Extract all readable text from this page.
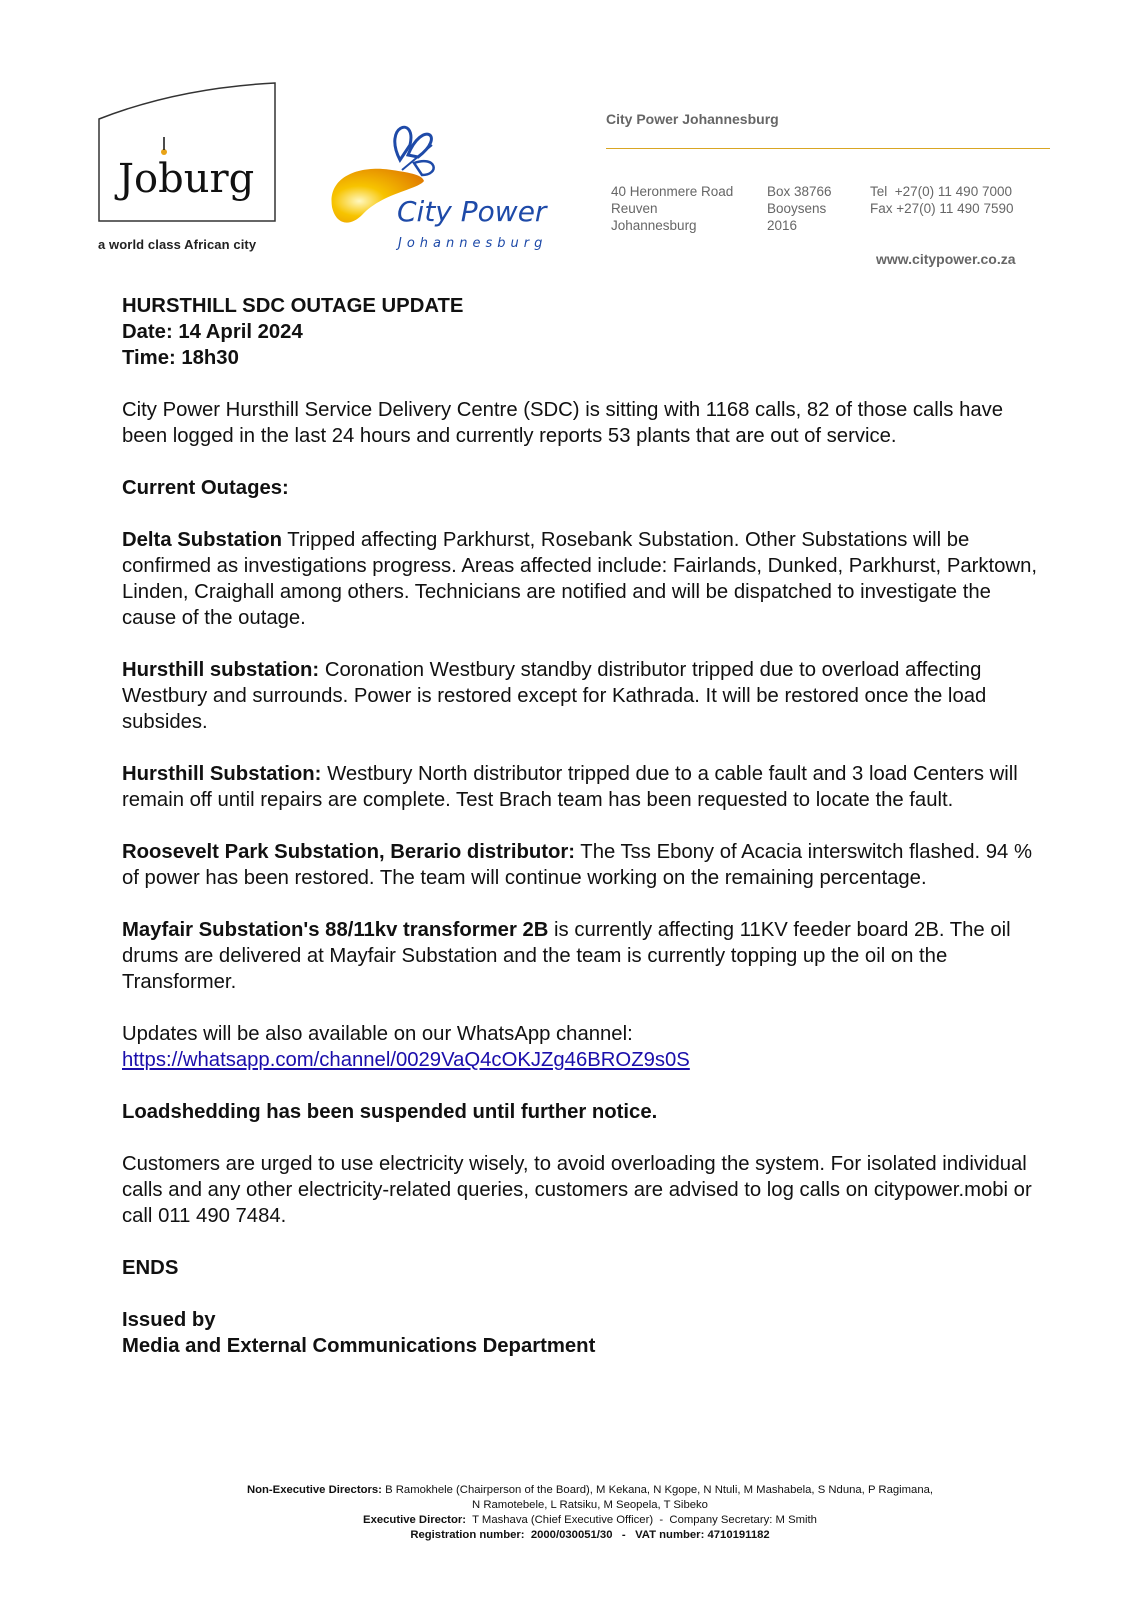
Joburg
a world class African city
City Power
Johannesburg
City Power Johannesburg
40 Heronmere Road
Reuven
Johannesburg
Box 38766
Booysens
2016
Tel  +27(0) 11 490 7000
Fax +27(0) 11 490 7590
www.citypower.co.za
HURSTHILL SDC OUTAGE UPDATE
Date: 14 April 2024
Time: 18h30

City Power Hursthill Service Delivery Centre (SDC) is sitting with 1168 calls, 82 of those calls have been logged in the last 24 hours and currently reports 53 plants that are out of service.

Current Outages:

Delta Substation Tripped affecting Parkhurst, Rosebank Substation. Other Substations will be confirmed as investigations progress. Areas affected include: Fairlands, Dunked, Parkhurst, Parktown, Linden, Craighall among others. Technicians are notified and will be dispatched to investigate the cause of the outage.

Hursthill substation: Coronation Westbury standby distributor tripped due to overload affecting Westbury and surrounds. Power is restored except for Kathrada. It will be restored once the load subsides.

Hursthill Substation: Westbury North distributor tripped due to a cable fault and 3 load Centers will remain off until repairs are complete. Test Brach team has been requested to locate the fault.

Roosevelt Park Substation, Berario distributor: The Tss Ebony of Acacia interswitch flashed. 94 % of power has been restored. The team will continue working on the remaining percentage.

Mayfair Substation's 88/11kv transformer 2B is currently affecting 11KV feeder board 2B. The oil drums are delivered at Mayfair Substation and the team is currently topping up the oil on the Transformer.

Updates will be also available on our WhatsApp channel:
https://whatsapp.com/channel/0029VaQ4cOKJZg46BROZ9s0S

Loadshedding has been suspended until further notice.

Customers are urged to use electricity wisely, to avoid overloading the system. For isolated individual calls and any other electricity-related queries, customers are advised to log calls on citypower.mobi or call 011 490 7484.

ENDS

Issued by
Media and External Communications Department
Non-Executive Directors: B Ramokhele (Chairperson of the Board), M Kekana, N Kgope, N Ntuli, M Mashabela, S Nduna, P Ragimana,
N Ramotebele, L Ratsiku, M Seopela, T Sibeko
Executive Director:  T Mashava (Chief Executive Officer)  -  Company Secretary: M Smith
Registration number:  2000/030051/30   -   VAT number: 4710191182
